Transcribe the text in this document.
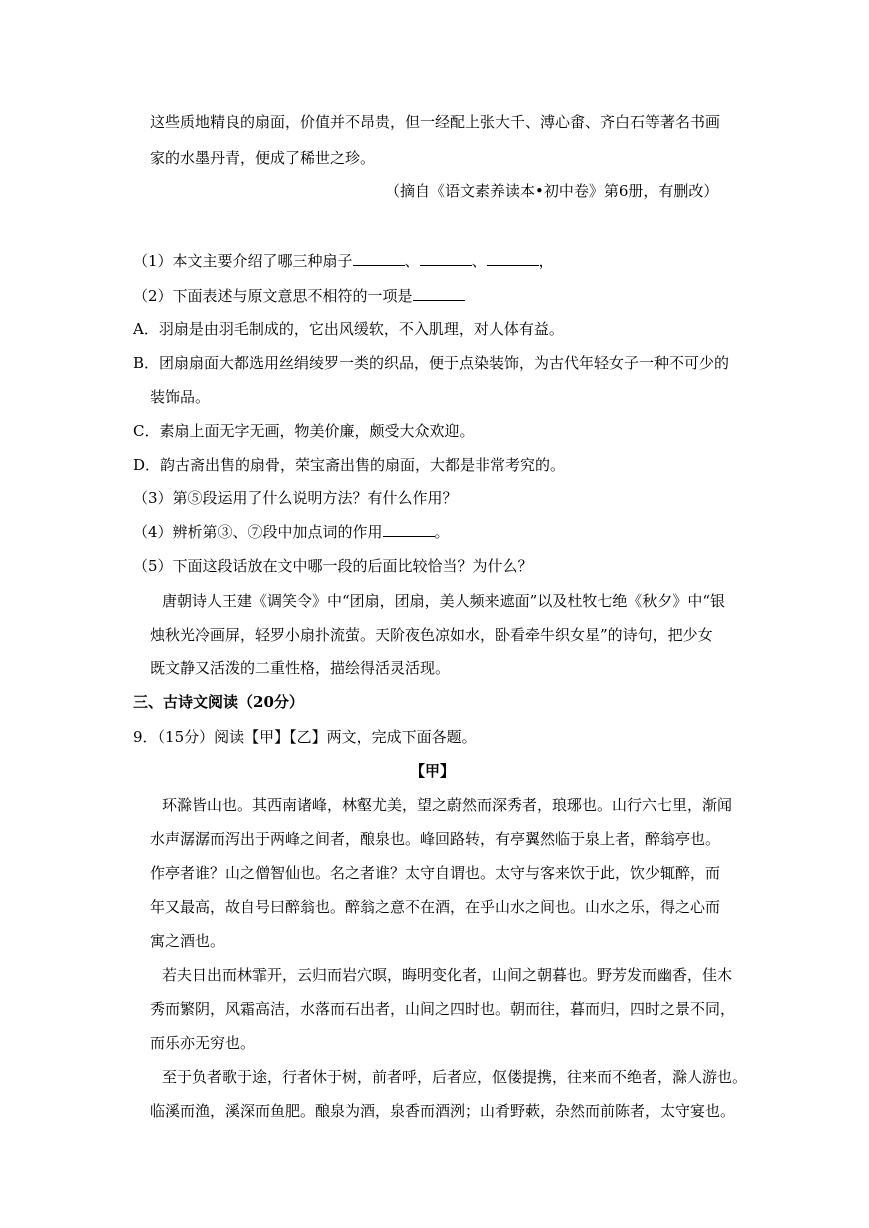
这些质地精良的扇面，价值并不昂贵，但一经配上张大千、溥心畬、齐白石等著名书画
家的水墨丹青，便成了稀世之珍。
（摘自《语文素养读本•初中卷》第6册，有删改）
（1）本文主要介绍了哪三种扇子	、	、	，
（2）下面表述与原文意思不相符的一项是
A．羽扇是由羽毛制成的，它出风缓软，不入肌理，对人体有益。
B．团扇扇面大都选用丝绢绫罗一类的织品，便于点染装饰，为古代年轻女子一种不可少的
装饰品。
C．素扇上面无字无画，物美价廉，颇受大众欢迎。
D．韵古斋出售的扇骨，荣宝斋出售的扇面，大都是非常考究的。
（3）第⑤段运用了什么说明方法？有什么作用？
（4）辨析第③、⑦段中加点词的作用	。
（5）下面这段话放在文中哪一段的后面比较恰当？为什么？
唐朝诗人王建《调笑令》中“团扇，团扇，美人频来遮面”以及杜牧七绝《秋夕》中“银
烛秋光冷画屏，轻罗小扇扑流萤。天阶夜色凉如水，卧看牵牛织女星”的诗句，把少女
既文静又活泼的二重性格，描绘得活灵活现。
三、古诗文阅读（20分）
9．（15分）阅读【甲】【乙】两文，完成下面各题。
【甲】
环滁皆山也。其西南诸峰，林壑尤美，望之蔚然而深秀者，琅琊也。山行六七里，渐闻
水声潺潺而泻出于两峰之间者，酿泉也。峰回路转，有亭翼然临于泉上者，醉翁亭也。
作亭者谁？山之僧智仙也。名之者谁？太守自谓也。太守与客来饮于此，饮少辄醉，而
年又最高，故自号曰醉翁也。醉翁之意不在酒，在乎山水之间也。山水之乐，得之心而
寓之酒也。
若夫日出而林霏开，云归而岩穴暝，晦明变化者，山间之朝暮也。野芳发而幽香，佳木
秀而繁阴，风霜高洁，水落而石出者，山间之四时也。朝而往，暮而归，四时之景不同，
而乐亦无穷也。
至于负者歌于途，行者休于树，前者呼，后者应，伛偻提携，往来而不绝者，滁人游也。
临溪而渔，溪深而鱼肥。酿泉为酒，泉香而酒洌；山肴野蔌，杂然而前陈者，太守宴也。
